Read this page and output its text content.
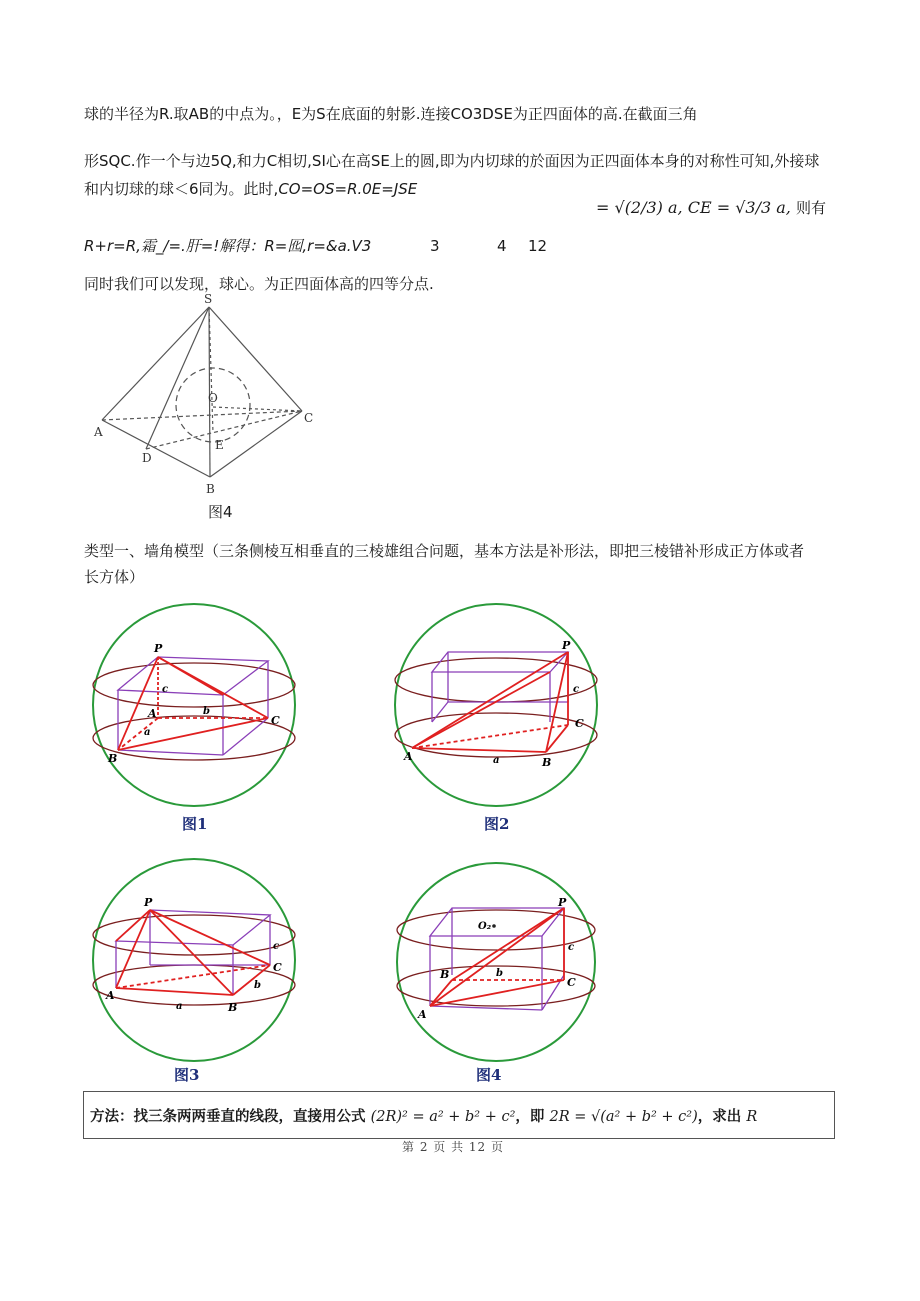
球的半径为R.取AB的中点为。，E为S在底面的射影.连接CO3DSE为正四面体的高.在截面三角
形SQC.作一个与边5Q,和力C相切,SI心在高SE上的圆,即为内切球的於面因为正四面体本身的对称性可知,外接球
和内切球的球＜6同为。此时,CO=OS=R.0E=JSE
= √(2/3) a, CE = √3/3 a, 则有
R+r=R,霜_/=.肝=!解得：R=囮,r=&a.V3	3	4 12
同时我们可以发现，球心。为正四面体高的四等分点.
S
A
B
C
D
E
O
图4
类型一、墙角模型（三条侧棱互相垂直的三棱雄组合问题，基本方法是补形法，即把三棱错补形成正方体或者
长方体）
P
A
B
C
a
b
c
图1
P
A	B
C
a
c
图2
P
A
B
C
a
b
c
图3
P
A
B
C
O₂
b
c
图4
方法：找三条两两垂直的线段，直接用公式 (2R)² = a² + b² + c²，即 2R = √(a² + b² + c²)，求出 R
第 2 页 共 12 页
